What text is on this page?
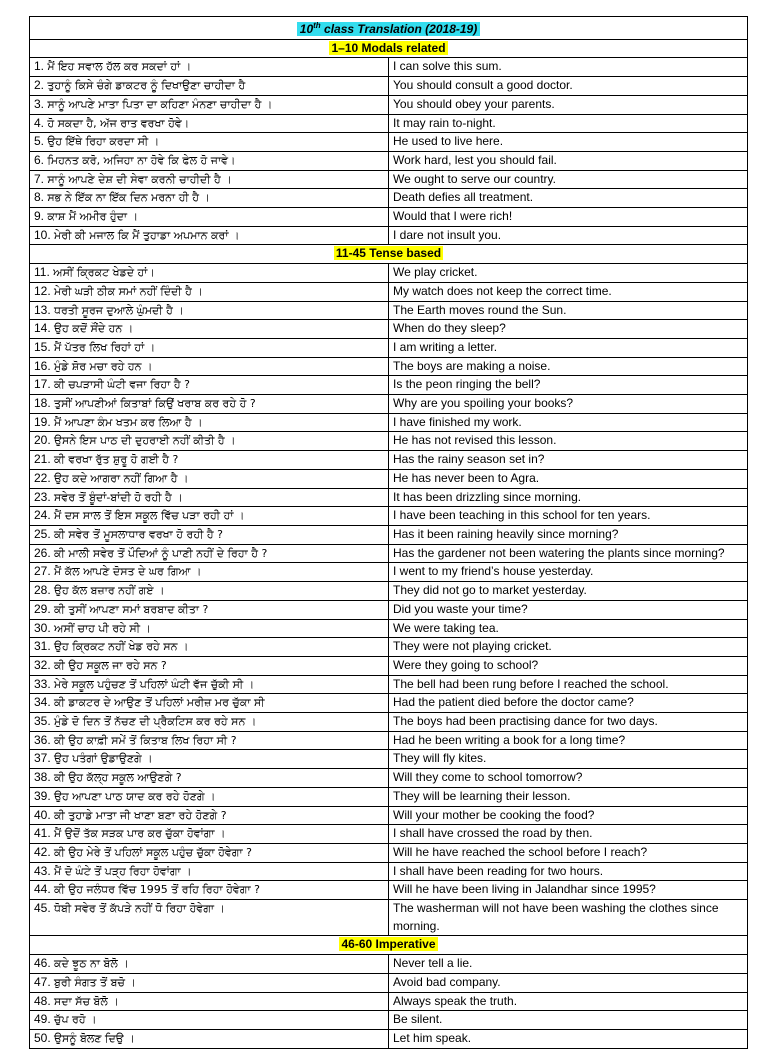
10th class Translation (2018-19)	
1–10 Modals related	
1. ਮੈਂ ਇਹ ਸਵਾਲ ਹੱਲ ਕਰ ਸਕਦਾਂ ਹਾਂ ।	I can solve this sum.
2. ਤੁਹਾਨੂੰ ਕਿਸੇ ਚੰਗੇ ਡਾਕਟਰ ਨੂੰ ਦਿਖਾਉਣਾ ਚਾਹੀਦਾ ਹੈ	You should consult a good doctor.
3. ਸਾਨੂੰ ਆਪਣੇ ਮਾਤਾ ਪਿਤਾ ਦਾ ਕਹਿਣਾ ਮੰਨਣਾ ਚਾਹੀਦਾ ਹੈ ।	You should obey your parents.
4. ਹੋ ਸਕਦਾ ਹੈ, ਅੱਜ ਰਾਤ ਵਰਖਾ ਹੋਵੇ।	It may rain to-night.
5. ਉਹ ਇੱਥੇ ਰਿਹਾ ਕਰਦਾ ਸੀ ।	He used to live here.
6. ਮਿਹਨਤ ਕਰੋ, ਅਜਿਹਾ ਨਾ ਹੋਵੇ ਕਿ ਫੇਲ ਹੋ ਜਾਵੇ।	Work hard, lest you should fail.
7. ਸਾਨੂੰ ਆਪਣੇ ਦੇਸ਼ ਦੀ ਸੇਵਾ ਕਰਨੀ ਚਾਹੀਦੀ ਹੈ ।	We ought to serve our country.
8. ਸਭ ਨੇ ਇੱਕ ਨਾ ਇੱਕ ਦਿਨ ਮਰਨਾ ਹੀ ਹੈ ।	Death defies all treatment.
9. ਕਾਸ਼ ਮੈਂ ਅਮੀਰ ਹੁੰਦਾ ।	Would that I were rich!
10. ਮੇਰੀ ਕੀ ਮਜਾਲ ਕਿ ਮੈਂ ਤੁਹਾਡਾ ਅਪਮਾਨ ਕਰਾਂ ।	I dare not insult you.
11-45 Tense based	
11. ਅਸੀਂ ਕ੍ਰਿਕਟ ਖੇਡਦੇ ਹਾਂ।	We play cricket.
12. ਮੇਰੀ ਘੜੀ ਠੀਕ ਸਮਾਂ ਨਹੀਂ ਦਿੰਦੀ ਹੈ ।	My watch does not keep the correct time.
13. ਧਰਤੀ ਸੂਰਜ ਦੁਆਲੇ ਘੁੰਮਦੀ ਹੈ ।	The Earth moves round the Sun.
14. ਉਹ ਕਦੋਂ ਸੌਂਦੇ ਹਨ ।	When do they sleep?
15. ਮੈਂ ਪੱਤਰ ਲਿਖ ਰਿਹਾਂ ਹਾਂ ।	I am writing a letter.
16. ਮੁੰਡੇ ਸ਼ੋਰ ਮਚਾ ਰਹੇ ਹਨ ।	The boys are making a noise.
17. ਕੀ ਚਪੜਾਸੀ ਘੰਟੀ ਵਜਾ ਰਿਹਾ ਹੈ ?	Is the peon ringing the bell?
18. ਤੁਸੀਂ ਆਪਣੀਆਂ ਕਿਤਾਬਾਂ ਕਿਉਂ ਖਰਾਬ ਕਰ ਰਹੇ ਹੋ ?	Why are you spoiling your books?
19. ਮੈਂ ਆਪਣਾ ਕੰਮ ਖਤਮ ਕਰ ਲਿਆ ਹੈ ।	I have finished my work.
20. ਉਸਨੇ ਇਸ ਪਾਠ ਦੀ ਦੁਹਰਾਈ ਨਹੀਂ ਕੀਤੀ ਹੈ ।	He has not revised this lesson.
21. ਕੀ ਵਰਖਾ ਰੁੱਤ ਸ਼ੁਰੂ ਹੋ ਗਈ ਹੈ ?	Has the rainy season set in?
22. ਉਹ ਕਦੇ ਆਗਰਾ ਨਹੀਂ ਗਿਆ ਹੈ ।	He has never been to Agra.
23. ਸਵੇਰ ਤੋਂ ਬੂੰਦਾਂ-ਬਾਂਦੀ ਹੋ ਰਹੀ ਹੈ ।	It has been drizzling since morning.
24. ਮੈਂ ਦਸ ਸਾਲ ਤੋਂ ਇਸ ਸਕੂਲ ਵਿੱਚ ਪੜਾ ਰਹੀ ਹਾਂ ।	I have been teaching in this school for ten years.
25. ਕੀ ਸਵੇਰ ਤੋਂ ਮੂਸਲਾਧਾਰ ਵਰਖਾ ਹੋ ਰਹੀ ਹੈ ?	Has it been raining heavily since morning?
26. ਕੀ ਮਾਲੀ ਸਵੇਰ ਤੋਂ ਪੌਦਿਆਂ ਨੂੰ ਪਾਣੀ ਨਹੀਂ ਦੇ ਰਿਹਾ ਹੈ ?	Has the gardener not been watering the plants since morning?
27. ਮੈਂ ਕੱਲ ਆਪਣੇ ਦੋਸਤ ਦੇ ਘਰ ਗਿਆ ।	I went to my friend’s house yesterday.
28. ਉਹ ਕੱਲ ਬਜ਼ਾਰ ਨਹੀਂ ਗਏ ।	They did not go to market yesterday.
29. ਕੀ ਤੁਸੀਂ ਆਪਣਾ ਸਮਾਂ ਬਰਬਾਦ ਕੀਤਾ ?	Did you waste your time?
30. ਅਸੀਂ ਚਾਹ ਪੀ ਰਹੇ ਸੀ ।	We were taking tea.
31. ਉਹ ਕ੍ਰਿਕਟ ਨਹੀਂ ਖੇਡ ਰਹੇ ਸਨ ।	They were not playing cricket.
32. ਕੀ ਉਹ ਸਕੂਲ ਜਾ ਰਹੇ ਸਨ ?	Were they going to school?
33. ਮੇਰੇ ਸਕੂਲ ਪਹੁੰਚਣ ਤੋਂ ਪਹਿਲਾਂ ਘੰਟੀ ਵੱਜ ਚੁੱਕੀ ਸੀ ।	The bell had been rung before I reached the school.
34. ਕੀ ਡਾਕਟਰ ਦੇ ਆਉਣ ਤੋਂ ਪਹਿਲਾਂ ਮਰੀਜ਼ ਮਰ ਚੁੱਕਾ ਸੀ	Had the patient died before the doctor came?
35. ਮੁੰਡੇ ਦੋ ਦਿਨ ਤੋਂ ਨੱਚਣ ਦੀ ਪ੍ਰੈਕਟਿਸ ਕਰ ਰਹੇ ਸਨ ।	The boys had been practising dance for two days.
36. ਕੀ ਉਹ ਕਾਫ਼ੀ ਸਮੇਂ ਤੋਂ ਕਿਤਾਬ ਲਿਖ ਰਿਹਾ ਸੀ ?	Had he been writing a book for a long time?
37. ਉਹ ਪਤੰਗਾਂ ਉਡਾਉਣਗੇ ।	They will fly kites.
38. ਕੀ ਉਹ ਕੱਲ੍ਹ ਸਕੂਲ ਆਉਣਗੇ ?	Will they come to school tomorrow?
39. ਉਹ ਆਪਣਾ ਪਾਠ ਯਾਦ ਕਰ ਰਹੇ ਹੋਣਗੇ ।	They will be learning their lesson.
40. ਕੀ ਤੁਹਾਡੇ ਮਾਤਾ ਜੀ ਖਾਣਾ ਬਣਾ ਰਹੇ ਹੋਣਗੇ ?	Will your mother be cooking the food?
41. ਮੈਂ ਉਦੋਂ ਤੱਕ ਸੜਕ ਪਾਰ ਕਰ ਚੁੱਕਾ ਹੋਵਾਂਗਾ ।	I shall have crossed the road by then.
42. ਕੀ ਉਹ ਮੇਰੇ ਤੋਂ ਪਹਿਲਾਂ ਸਕੂਲ ਪਹੁੰਚ ਚੁੱਕਾ ਹੋਵੇਗਾ ?	Will he have reached the school before I reach?
43. ਮੈਂ ਦੋ ਘੰਟੇ ਤੋਂ ਪੜ੍ਹ ਰਿਹਾ ਹੋਵਾਂਗਾ ।	I shall have been reading for two hours.
44. ਕੀ ਉਹ ਜਲੰਧਰ ਵਿੱਚ 1995 ਤੋਂ ਰਹਿ ਰਿਹਾ ਹੋਵੇਗਾ ?	Will he have been living in Jalandhar since 1995?
45. ਧੋਬੀ ਸਵੇਰ ਤੋਂ ਕੱਪੜੇ ਨਹੀਂ ਧੋ ਰਿਹਾ ਹੋਵੇਗਾ ।	The washerman will not have been washing the clothes since morning.
46-60 Imperative	
46. ਕਦੇ ਝੂਠ ਨਾ ਬੋਲੋ ।	Never tell a lie.
47. ਬੁਰੀ ਸੰਗਤ ਤੋਂ ਬਚੋ ।	Avoid bad company.
48. ਸਦਾ ਸੱਚ ਬੋਲੋ ।	Always speak the truth.
49. ਚੁੱਪ ਰਹੋ ।	Be silent.
50. ਉਸਨੂੰ ਬੋਲਣ ਦਿਉ ।	Let him speak.
